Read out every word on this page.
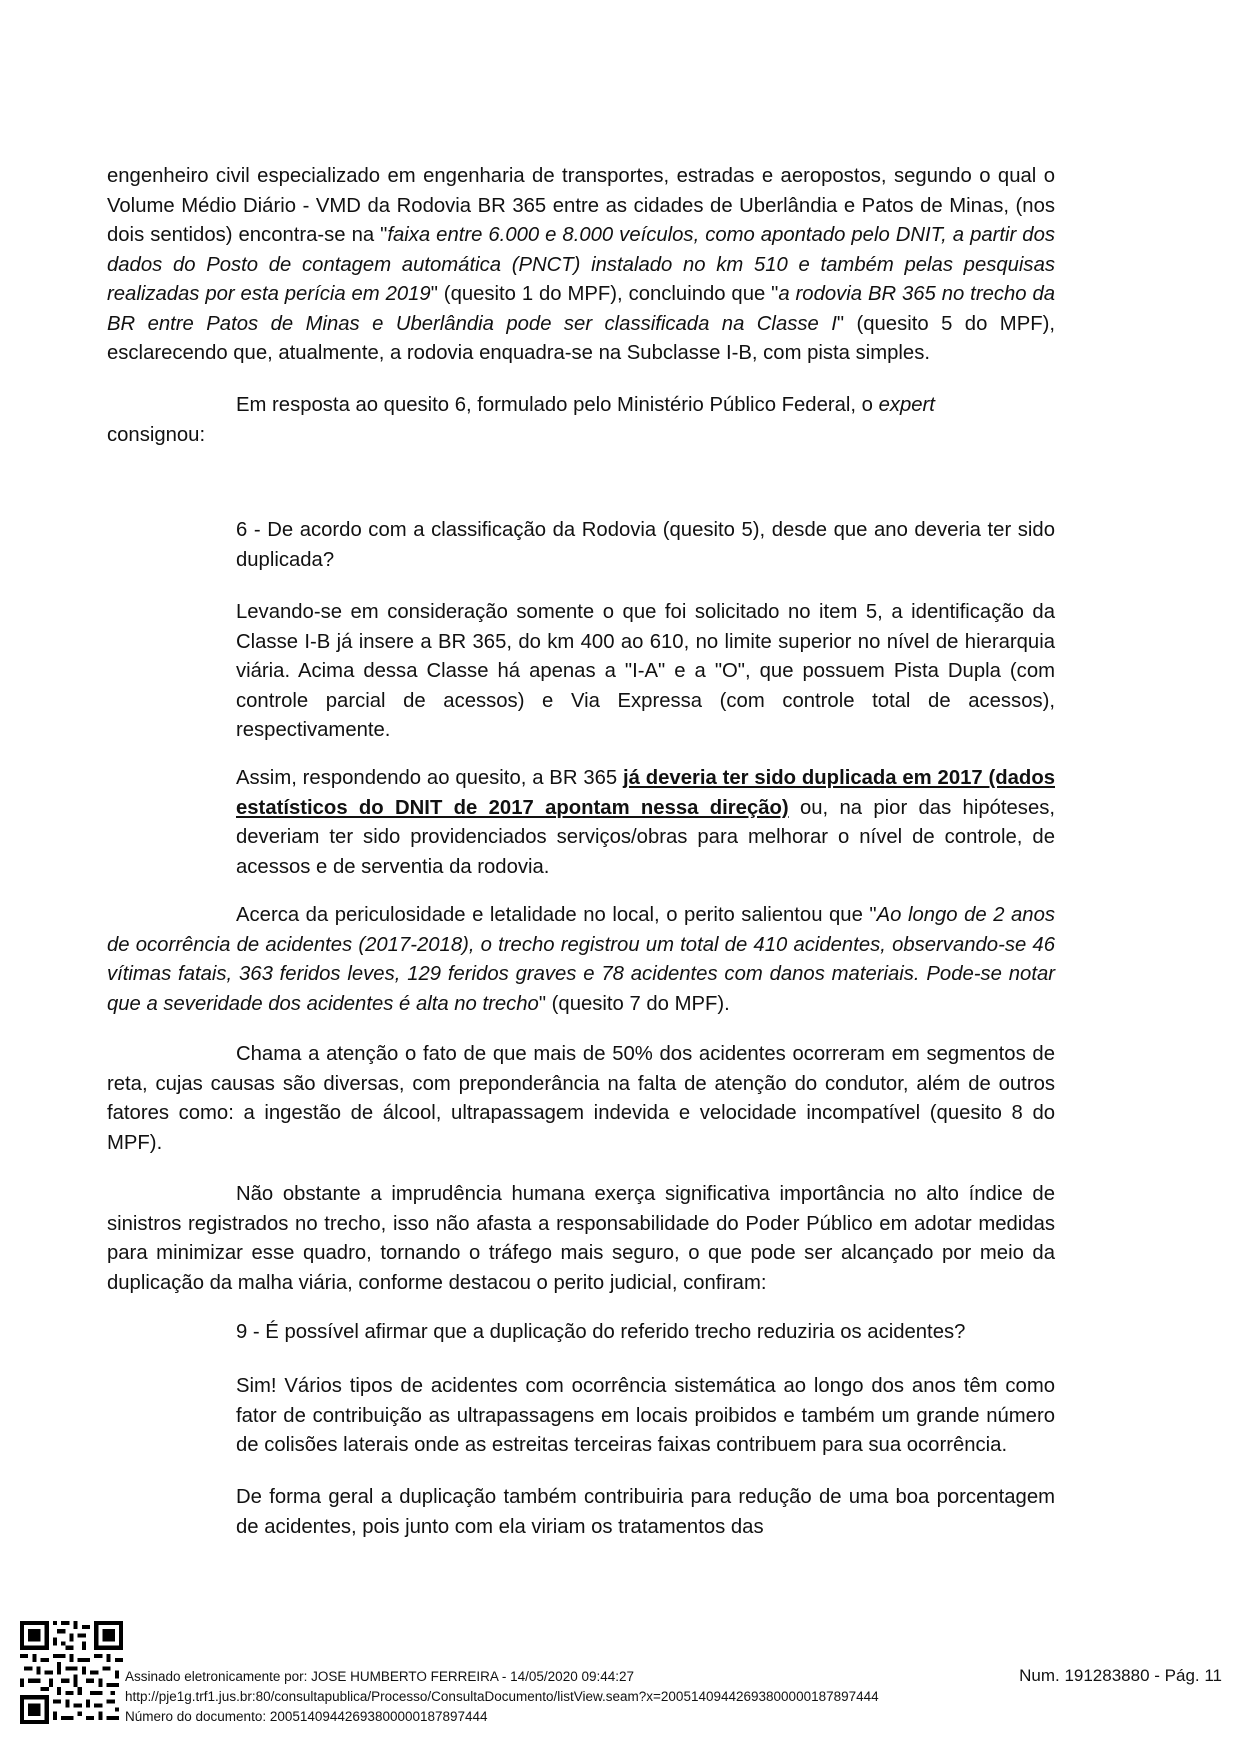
engenheiro civil especializado em engenharia de transportes, estradas e aeropostos, segundo o qual o Volume Médio Diário - VMD da Rodovia BR 365 entre as cidades de Uberlândia e Patos de Minas, (nos dois sentidos) encontra-se na "faixa entre 6.000 e 8.000 veículos, como apontado pelo DNIT, a partir dos dados do Posto de contagem automática (PNCT) instalado no km 510 e também pelas pesquisas realizadas por esta perícia em 2019" (quesito 1 do MPF), concluindo que "a rodovia BR 365 no trecho da BR entre Patos de Minas e Uberlândia pode ser classificada na Classe I" (quesito 5 do MPF), esclarecendo que, atualmente, a rodovia enquadra-se na Subclasse I-B, com pista simples.

Em resposta ao quesito 6, formulado pelo Ministério Público Federal, o expert

consignou:

6 - De acordo com a classificação da Rodovia (quesito 5), desde que ano deveria ter sido duplicada?

Levando-se em consideração somente o que foi solicitado no item 5, a identificação da Classe I-B já insere a BR 365, do km 400 ao 610, no limite superior no nível de hierarquia viária. Acima dessa Classe há apenas a "I-A" e a "O", que possuem Pista Dupla (com controle parcial de acessos) e Via Expressa (com controle total de acessos), respectivamente.

Assim, respondendo ao quesito, a BR 365 já deveria ter sido duplicada em 2017 (dados estatísticos do DNIT de 2017 apontam nessa direção) ou, na pior das hipóteses, deveriam ter sido providenciados serviços/obras para melhorar o nível de controle, de acessos e de serventia da rodovia.

Acerca da periculosidade e letalidade no local, o perito salientou que "Ao longo de 2 anos de ocorrência de acidentes (2017-2018), o trecho registrou um total de 410 acidentes, observando-se 46 vítimas fatais, 363 feridos leves, 129 feridos graves e 78 acidentes com danos materiais. Pode-se notar que a severidade dos acidentes é alta no trecho" (quesito 7 do MPF).

Chama a atenção o fato de que mais de 50% dos acidentes ocorreram em segmentos de reta, cujas causas são diversas, com preponderância na falta de atenção do condutor, além de outros fatores como: a ingestão de álcool, ultrapassagem indevida e velocidade incompatível (quesito 8 do MPF).

Não obstante a imprudência humana exerça significativa importância no alto índice de sinistros registrados no trecho, isso não afasta a responsabilidade do Poder Público em adotar medidas para minimizar esse quadro, tornando o tráfego mais seguro, o que pode ser alcançado por meio da duplicação da malha viária, conforme destacou o perito judicial, confiram:

9 - É possível afirmar que a duplicação do referido trecho reduziria os acidentes?

Sim! Vários tipos de acidentes com ocorrência sistemática ao longo dos anos têm como fator de contribuição as ultrapassagens em locais proibidos e também um grande número de colisões laterais onde as estreitas terceiras faixas contribuem para sua ocorrência.

De forma geral a duplicação também contribuiria para redução de uma boa porcentagem de acidentes, pois junto com ela viriam os tratamentos das

Assinado eletronicamente por: JOSE HUMBERTO FERREIRA - 14/05/2020 09:44:27
http://pje1g.trf1.jus.br:80/consultapublica/Processo/ConsultaDocumento/listView.seam?x=20051409442693800000187897444
Número do documento: 20051409442693800000187897444
Num. 191283880 - Pág. 11
